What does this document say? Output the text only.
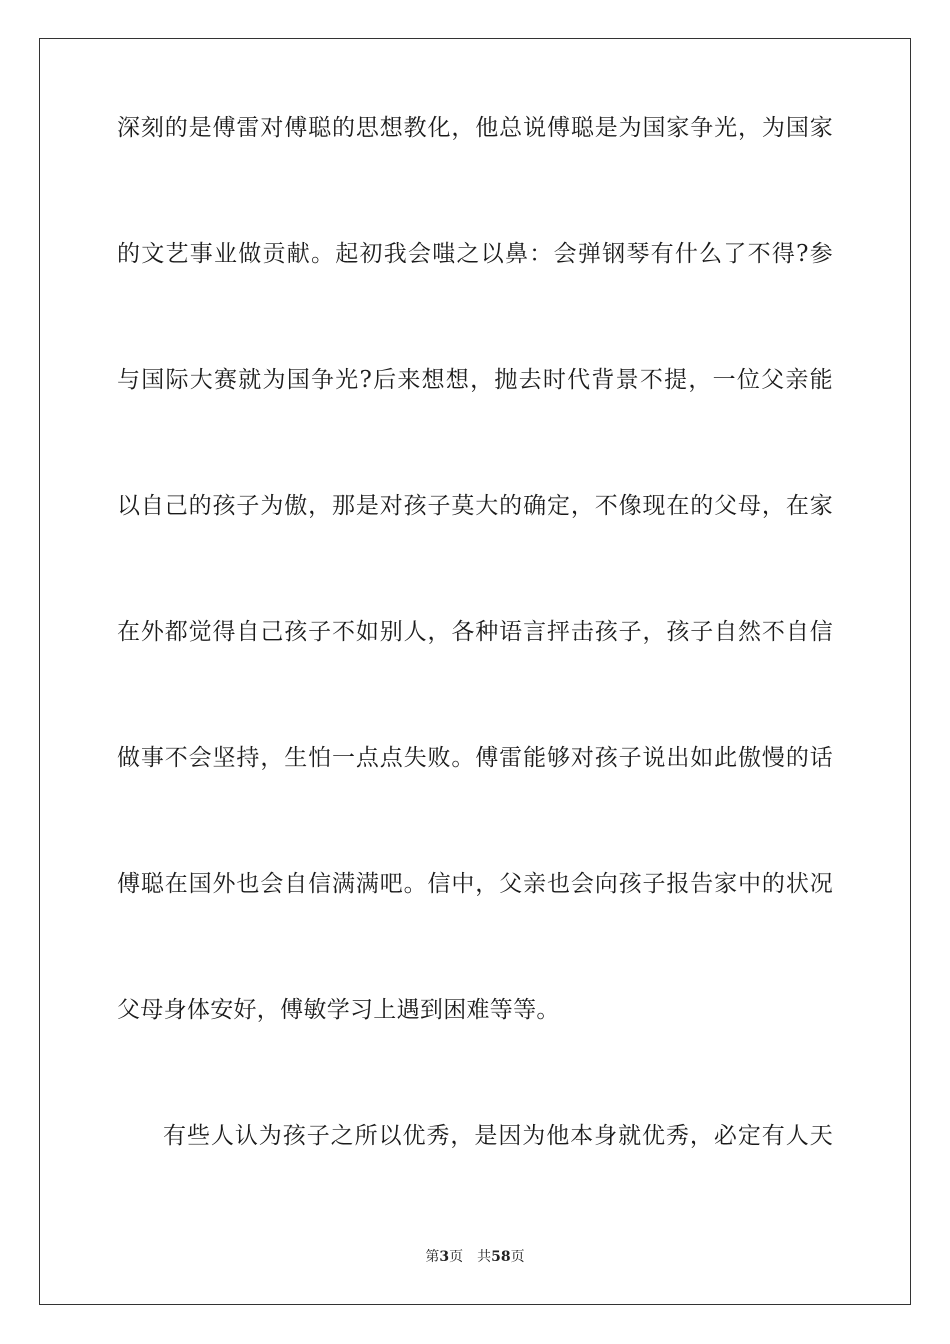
深刻的是傅雷对傅聪的思想教化，他总说傅聪是为国家争光，为国家
的文艺事业做贡献。起初我会嗤之以鼻：会弹钢琴有什么了不得?参
与国际大赛就为国争光?后来想想，抛去时代背景不提，一位父亲能
以自己的孩子为傲，那是对孩子莫大的确定，不像现在的父母，在家
在外都觉得自己孩子不如别人，各种语言抨击孩子，孩子自然不自信
做事不会坚持，生怕一点点失败。傅雷能够对孩子说出如此傲慢的话
傅聪在国外也会自信满满吧。信中，父亲也会向孩子报告家中的状况
父母身体安好，傅敏学习上遇到困难等等。
有些人认为孩子之所以优秀，是因为他本身就优秀，必定有人天
第3页 共58页
